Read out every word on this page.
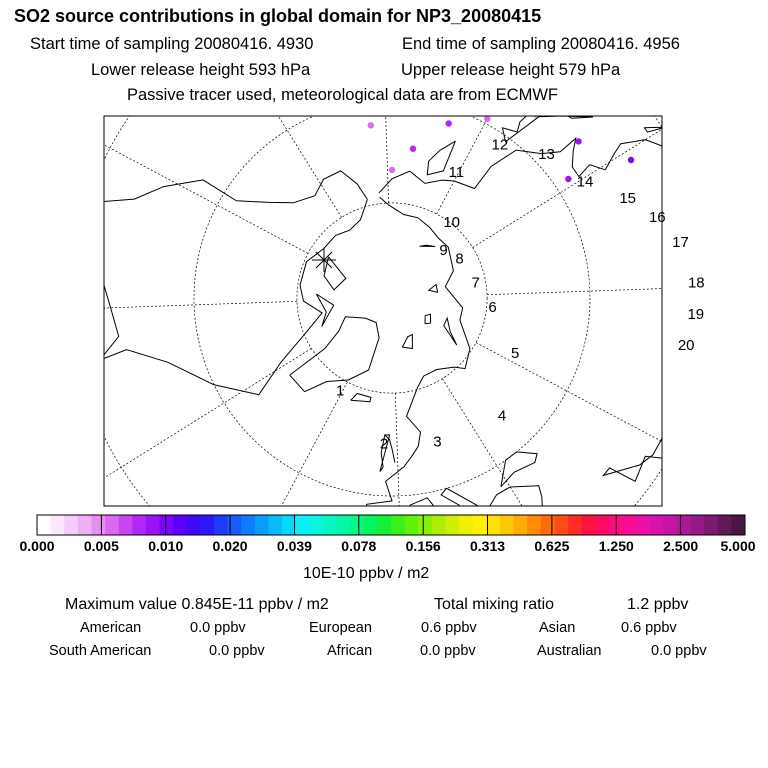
SO2 source contributions in global domain for NP3_20080415
Start time of sampling 20080416. 4930	End time of sampling 20080416. 4956
Lower release height 593 hPa	Upper release height 579 hPa
Passive tracer used, meteorological data are from ECMWF
1
2	3
4
5
6
7
8
9
10
11
12
13
14
15
16
17
18
19
20
0.000 0.005 0.010 0.020 0.039 0.078 0.156 0.313 0.625 1.250 2.500 5.000
10E-10 ppbv / m2
Maximum value 0.845E-11 ppbv / m2	Total mixing ratio	1.2 ppbv
American	0.0 ppbv	European	0.6 ppbv	Asian	0.6 ppbv
South American	0.0 ppbv	African	0.0 ppbv	Australian	0.0 ppbv
